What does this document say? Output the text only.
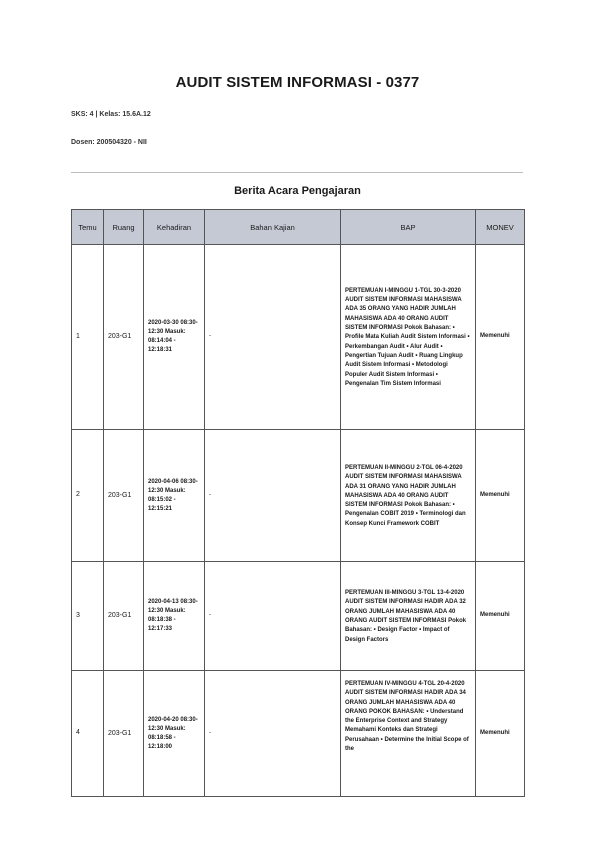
AUDIT SISTEM INFORMASI - 0377
SKS: 4 | Kelas: 15.6A.12
Dosen: 200504320 - NII
Berita Acara Pengajaran
Temu	Ruang	Kehadiran	Bahan Kajian	BAP	MONEV
1	203-G1	2020-03-30 08:30-12:30 Masuk: 08:14:04 - 12:18:31	-	PERTEMUAN I-MINGGU 1-TGL 30-3-2020 AUDIT SISTEM INFORMASI MAHASISWA ADA 35 ORANG YANG HADIR JUMLAH MAHASISWA ADA 40 ORANG AUDIT SISTEM INFORMASI Pokok Bahasan: • Profile Mata Kuliah Audit Sistem Informasi • Perkembangan Audit • Alur Audit • Pengertian Tujuan Audit • Ruang Lingkup Audit Sistem Informasi • Metodologi Populer Audit Sistem Informasi • Pengenalan Tim Sistem Informasi	Memenuhi
2	203-G1	2020-04-06 08:30-12:30 Masuk: 08:15:02 - 12:15:21	-	PERTEMUAN II-MINGGU 2-TGL 06-4-2020 AUDIT SISTEM INFORMASI MAHASISWA ADA 31 ORANG YANG HADIR JUMLAH MAHASISWA ADA 40 ORANG AUDIT SISTEM INFORMASI Pokok Bahasan: • Pengenalan COBIT 2019 • Terminologi dan Konsep Kunci Framework COBIT	Memenuhi
3	203-G1	2020-04-13 08:30-12:30 Masuk: 08:18:38 - 12:17:33	-	PERTEMUAN III-MINGGU 3-TGL 13-4-2020 AUDIT SISTEM INFORMASI HADIR ADA 32 ORANG JUMLAH MAHASISWA ADA 40 ORANG AUDIT SISTEM INFORMASI Pokok Bahasan: • Design Factor • Impact of Design Factors	Memenuhi
4	203-G1	2020-04-20 08:30-12:30 Masuk: 08:18:58 - 12:18:00	-	PERTEMUAN IV-MINGGU 4-TGL 20-4-2020 AUDIT SISTEM INFORMASI HADIR ADA 34 ORANG JUMLAH MAHASISWA ADA 40 ORANG POKOK BAHASAN: • Understand the Enterprise Context and Strategy Memahami Konteks dan Strategi Perusahaan • Determine the Initial Scope of the	Memenuhi
